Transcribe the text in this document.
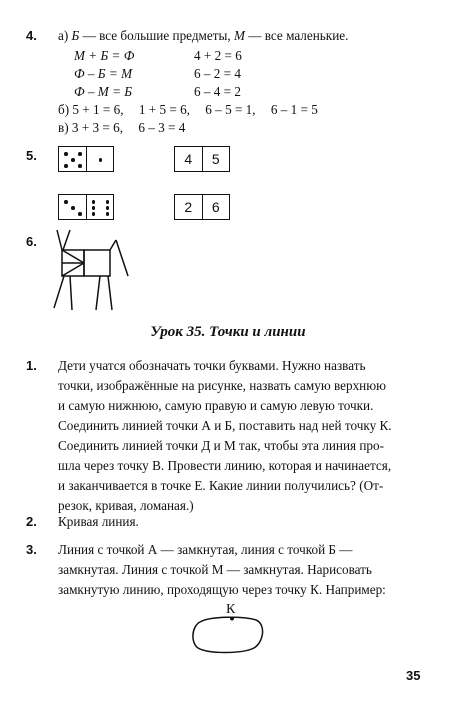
4. а) Б — все большие предметы, М — все маленькие.
М + Б = Ф	4 + 2 = 6
Ф – Б = М	6 – 2 = 4
Ф – М = Б	6 – 4 = 2
б) 5 + 1 = 6, 1 + 5 = 6, 6 – 5 = 1, 6 – 1 = 5
в) 3 + 3 = 6, 6 – 3 = 4
5.	4	5
2	6
6.
Урок 35. Точки и линии
1. Дети учатся обозначать точки буквами. Нужно назвать
точки, изображённые на рисунке, назвать самую верхнюю
и самую нижнюю, самую правую и самую левую точки.
Соединить линией точки А и Б, поставить над ней точку К.
Соединить линией точки Д и М так, чтобы эта линия про-
шла через точку В. Провести линию, которая и начинается,
и заканчивается в точке Е. Какие линии получились? (От-
резок, кривая, ломаная.)
2. Кривая линия.
3. Линия с точкой А — замкнутая, линия с точкой Б —
замкнутая. Линия с точкой М — замкнутая. Нарисовать
замкнутую линию, проходящую через точку К. Например:
К
35
